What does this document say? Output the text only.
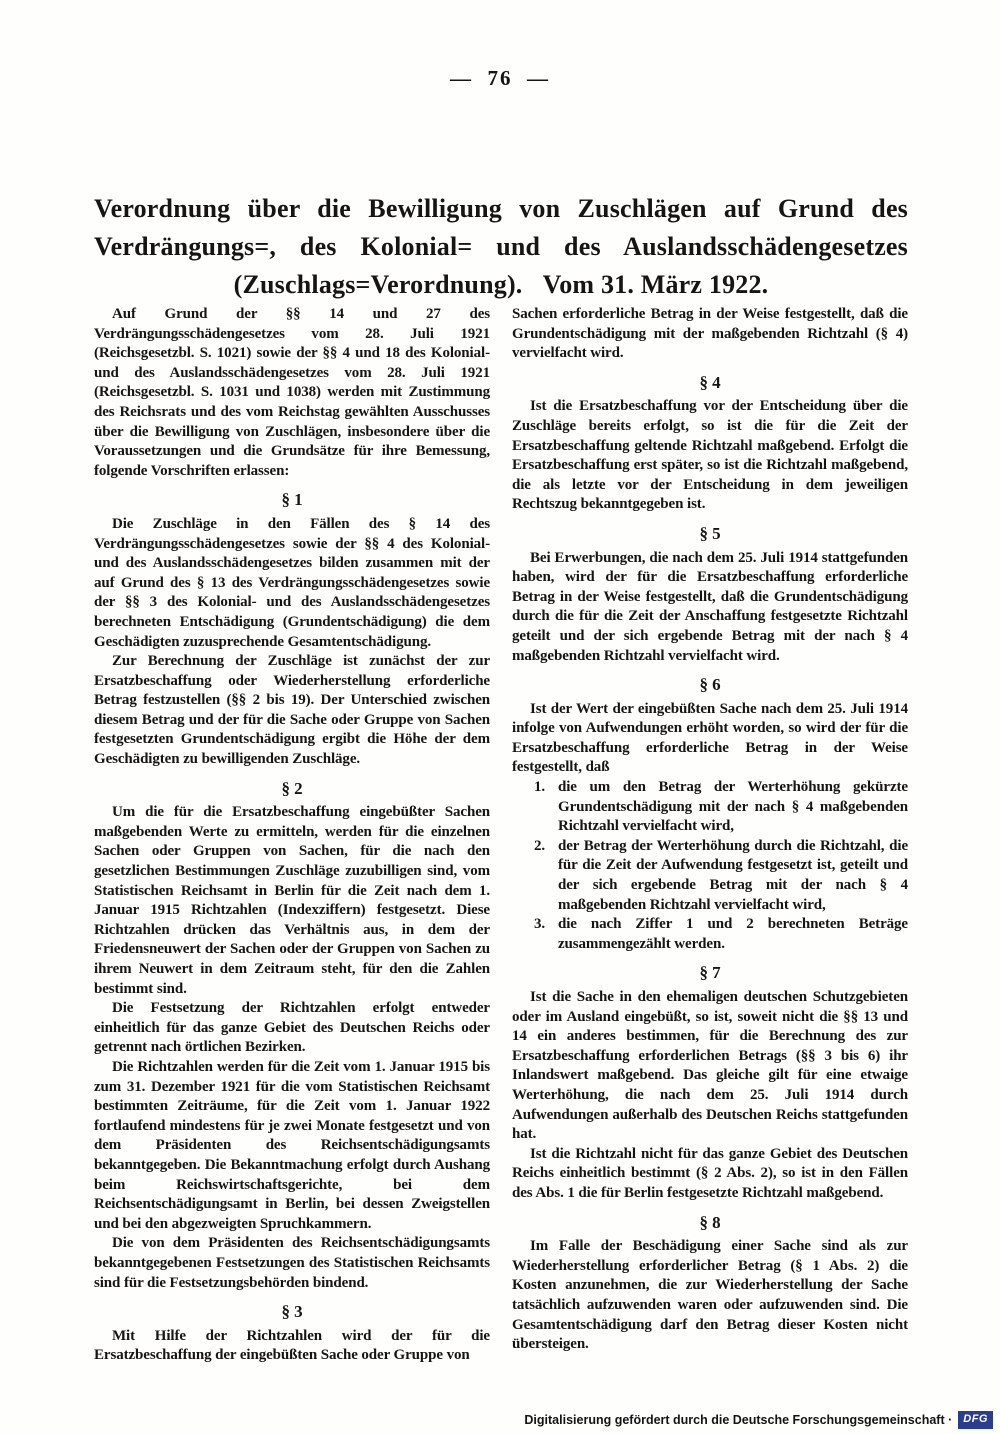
—  76  —
Verordnung über die Bewilligung von Zuschlägen auf Grund des
Verdrängungs=, des Kolonial= und des Auslandsschädengesetzes
(Zuschlags=Verordnung).   Vom 31. März 1922.

Auf Grund der §§ 14 und 27 des Verdrängungsschädengesetzes vom 28. Juli 1921 (Reichsgesetzbl. S. 1021) sowie der §§ 4 und 18 des Kolonial- und des Auslandsschädengesetzes vom 28. Juli 1921 (Reichsgesetzbl. S. 1031 und 1038) werden mit Zustimmung des Reichsrats und des vom Reichstag gewählten Ausschusses über die Bewilligung von Zuschlägen, insbesondere über die Voraussetzungen und die Grundsätze für ihre Bemessung, folgende Vorschriften erlassen:

§ 1

Die Zuschläge in den Fällen des § 14 des Verdrängungsschädengesetzes sowie der §§ 4 des Kolonial- und des Auslandsschädengesetzes bilden zusammen mit der auf Grund des § 13 des Verdrängungsschädengesetzes sowie der §§ 3 des Kolonial- und des Auslandsschädengesetzes berechneten Entschädigung (Grundentschädigung) die dem Geschädigten zuzusprechende Gesamtentschädigung.

Zur Berechnung der Zuschläge ist zunächst der zur Ersatzbeschaffung oder Wiederherstellung erforderliche Betrag festzustellen (§§ 2 bis 19). Der Unterschied zwischen diesem Betrag und der für die Sache oder Gruppe von Sachen festgesetzten Grundentschädigung ergibt die Höhe der dem Geschädigten zu bewilligenden Zuschläge.

§ 2

Um die für die Ersatzbeschaffung eingebüßter Sachen maßgebenden Werte zu ermitteln, werden für die einzelnen Sachen oder Gruppen von Sachen, für die nach den gesetzlichen Bestimmungen Zuschläge zuzubilligen sind, vom Statistischen Reichsamt in Berlin für die Zeit nach dem 1. Januar 1915 Richtzahlen (Indexziffern) festgesetzt. Diese Richtzahlen drücken das Verhältnis aus, in dem der Friedensneuwert der Sachen oder der Gruppen von Sachen zu ihrem Neuwert in dem Zeitraum steht, für den die Zahlen bestimmt sind.

Die Festsetzung der Richtzahlen erfolgt entweder einheitlich für das ganze Gebiet des Deutschen Reichs oder getrennt nach örtlichen Bezirken.

Die Richtzahlen werden für die Zeit vom 1. Januar 1915 bis zum 31. Dezember 1921 für die vom Statistischen Reichsamt bestimmten Zeiträume, für die Zeit vom 1. Januar 1922 fortlaufend mindestens für je zwei Monate festgesetzt und von dem Präsidenten des Reichsentschädigungsamts bekanntgegeben. Die Bekanntmachung erfolgt durch Aushang beim Reichswirtschaftsgerichte, bei dem Reichsentschädigungsamt in Berlin, bei dessen Zweigstellen und bei den abgezweigten Spruchkammern.

Die von dem Präsidenten des Reichsentschädigungsamts bekanntgegebenen Festsetzungen des Statistischen Reichsamts sind für die Festsetzungsbehörden bindend.

§ 3

Mit Hilfe der Richtzahlen wird der für die Ersatzbeschaffung der eingebüßten Sache oder Gruppe von

Sachen erforderliche Betrag in der Weise festgestellt, daß die Grundentschädigung mit der maßgebenden Richtzahl (§ 4) vervielfacht wird.

§ 4

Ist die Ersatzbeschaffung vor der Entscheidung über die Zuschläge bereits erfolgt, so ist die für die Zeit der Ersatzbeschaffung geltende Richtzahl maßgebend. Erfolgt die Ersatzbeschaffung erst später, so ist die Richtzahl maßgebend, die als letzte vor der Entscheidung in dem jeweiligen Rechtszug bekanntgegeben ist.

§ 5

Bei Erwerbungen, die nach dem 25. Juli 1914 stattgefunden haben, wird der für die Ersatzbeschaffung erforderliche Betrag in der Weise festgestellt, daß die Grundentschädigung durch die für die Zeit der Anschaffung festgesetzte Richtzahl geteilt und der sich ergebende Betrag mit der nach § 4 maßgebenden Richtzahl vervielfacht wird.

§ 6

Ist der Wert der eingebüßten Sache nach dem 25. Juli 1914 infolge von Aufwendungen erhöht worden, so wird der für die Ersatzbeschaffung erforderliche Betrag in der Weise festgestellt, daß

1. die um den Betrag der Werterhöhung gekürzte Grundentschädigung mit der nach § 4 maßgebenden Richtzahl vervielfacht wird,
2. der Betrag der Werterhöhung durch die Richtzahl, die für die Zeit der Aufwendung festgesetzt ist, geteilt und der sich ergebende Betrag mit der nach § 4 maßgebenden Richtzahl vervielfacht wird,
3. die nach Ziffer 1 und 2 berechneten Beträge zusammengezählt werden.
§ 7

Ist die Sache in den ehemaligen deutschen Schutzgebieten oder im Ausland eingebüßt, so ist, soweit nicht die §§ 13 und 14 ein anderes bestimmen, für die Berechnung des zur Ersatzbeschaffung erforderlichen Betrags (§§ 3 bis 6) ihr Inlandswert maßgebend. Das gleiche gilt für eine etwaige Werterhöhung, die nach dem 25. Juli 1914 durch Aufwendungen außerhalb des Deutschen Reichs stattgefunden hat.

Ist die Richtzahl nicht für das ganze Gebiet des Deutschen Reichs einheitlich bestimmt (§ 2 Abs. 2), so ist in den Fällen des Abs. 1 die für Berlin festgesetzte Richtzahl maßgebend.

§ 8

Im Falle der Beschädigung einer Sache sind als zur Wiederherstellung erforderlicher Betrag (§ 1 Abs. 2) die Kosten anzunehmen, die zur Wiederherstellung der Sache tatsächlich aufzuwenden waren oder aufzuwenden sind. Die Gesamtentschädigung darf den Betrag dieser Kosten nicht übersteigen.

Digitalisierung gefördert durch die Deutsche Forschungsgemeinschaft ·	DFG
